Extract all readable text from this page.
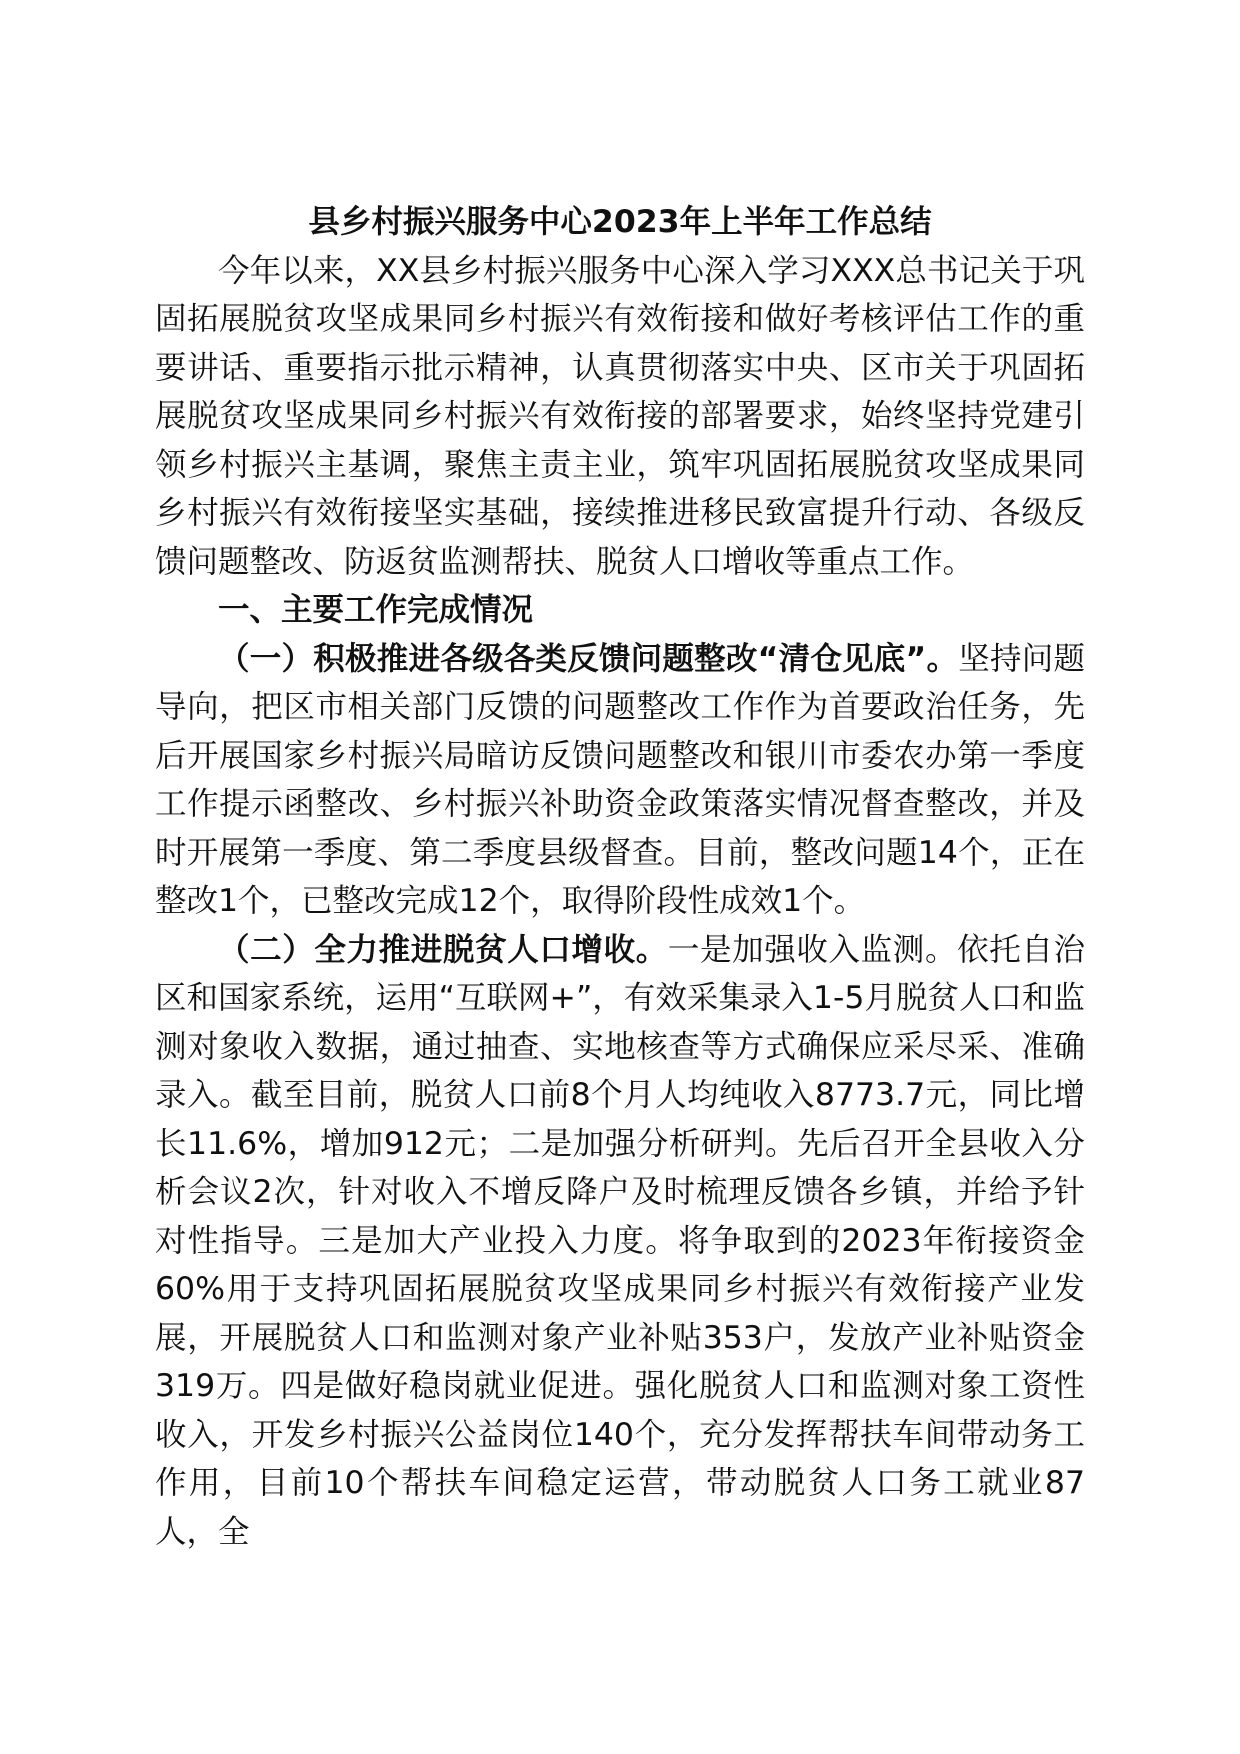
县乡村振兴服务中心2023年上半年工作总结

今年以来，XX县乡村振兴服务中心深入学习XXX总书记关于巩固拓展脱贫攻坚成果同乡村振兴有效衔接和做好考核评估工作的重要讲话、重要指示批示精神，认真贯彻落实中央、区市关于巩固拓展脱贫攻坚成果同乡村振兴有效衔接的部署要求，始终坚持党建引领乡村振兴主基调，聚焦主责主业，筑牢巩固拓展脱贫攻坚成果同乡村振兴有效衔接坚实基础，接续推进移民致富提升行动、各级反馈问题整改、防返贫监测帮扶、脱贫人口增收等重点工作。

一、主要工作完成情况

（一）积极推进各级各类反馈问题整改“清仓见底”。坚持问题导向，把区市相关部门反馈的问题整改工作作为首要政治任务，先后开展国家乡村振兴局暗访反馈问题整改和银川市委农办第一季度工作提示函整改、乡村振兴补助资金政策落实情况督查整改，并及时开展第一季度、第二季度县级督查。目前，整改问题14个，正在整改1个，已整改完成12个，取得阶段性成效1个。

（二）全力推进脱贫人口增收。一是加强收入监测。依托自治区和国家系统，运用“互联网+”，有效采集录入1-5月脱贫人口和监测对象收入数据，通过抽查、实地核查等方式确保应采尽采、准确录入。截至目前，脱贫人口前8个月人均纯收入8773.7元，同比增长11.6%，增加912元；二是加强分析研判。先后召开全县收入分析会议2次，针对收入不增反降户及时梳理反馈各乡镇，并给予针对性指导。三是加大产业投入力度。将争取到的2023年衔接资金60%用于支持巩固拓展脱贫攻坚成果同乡村振兴有效衔接产业发展，开展脱贫人口和监测对象产业补贴353户，发放产业补贴资金319万。四是做好稳岗就业促进。强化脱贫人口和监测对象工资性收入，开发乡村振兴公益岗位140个，充分发挥帮扶车间带动务工作用，目前10个帮扶车间稳定运营，带动脱贫人口务工就业87人，全
